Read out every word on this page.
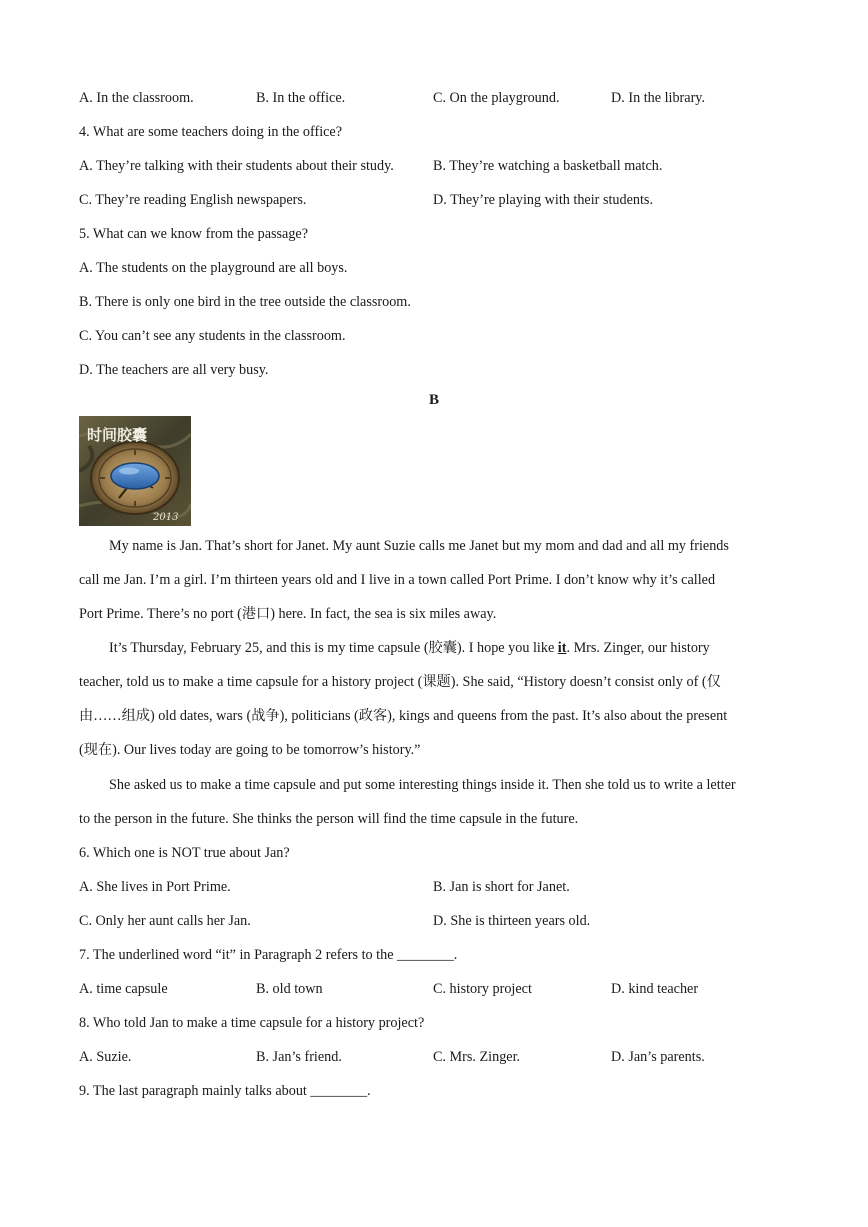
A. In the classroom.	B. In the office.	C. On the playground.	D. In the library.
4. What are some teachers doing in the office?
A. They’re talking with their students about their study.	B. They’re watching a basketball match.
C. They’re reading English newspapers.	D. They’re playing with their students.
5. What can we know from the passage?
A. The students on the playground are all boys.
B. There is only one bird in the tree outside the classroom.
C. You can’t see any students in the classroom.
D. The teachers are all very busy.
B
时间胶囊
2013
My name is Jan. That’s short for Janet. My aunt Suzie calls me Janet but my mom and dad and all my friends
call me Jan. I’m a girl. I’m thirteen years old and I live in a town called Port Prime. I don’t know why it’s called
Port Prime. There’s no port (港口) here. In fact, the sea is six miles away.
It’s Thursday, February 25, and this is my time capsule (胶囊). I hope you like it. Mrs. Zinger, our history
teacher, told us to make a time capsule for a history project (课题). She said, “History doesn’t consist only of (仅
由……组成) old dates, wars (战争), politicians (政客), kings and queens from the past. It’s also about the present
(现在). Our lives today are going to be tomorrow’s history.”
She asked us to make a time capsule and put some interesting things inside it. Then she told us to write a letter
to the person in the future. She thinks the person will find the time capsule in the future.
6. Which one is NOT true about Jan?
A. She lives in Port Prime.	B. Jan is short for Janet.
C. Only her aunt calls her Jan.	D. She is thirteen years old.
7. The underlined word “it” in Paragraph 2 refers to the ________.
A. time capsule	B. old town	C. history project	D. kind teacher
8. Who told Jan to make a time capsule for a history project?
A. Suzie.	B. Jan’s friend.	C. Mrs. Zinger.	D. Jan’s parents.
9. The last paragraph mainly talks about ________.
